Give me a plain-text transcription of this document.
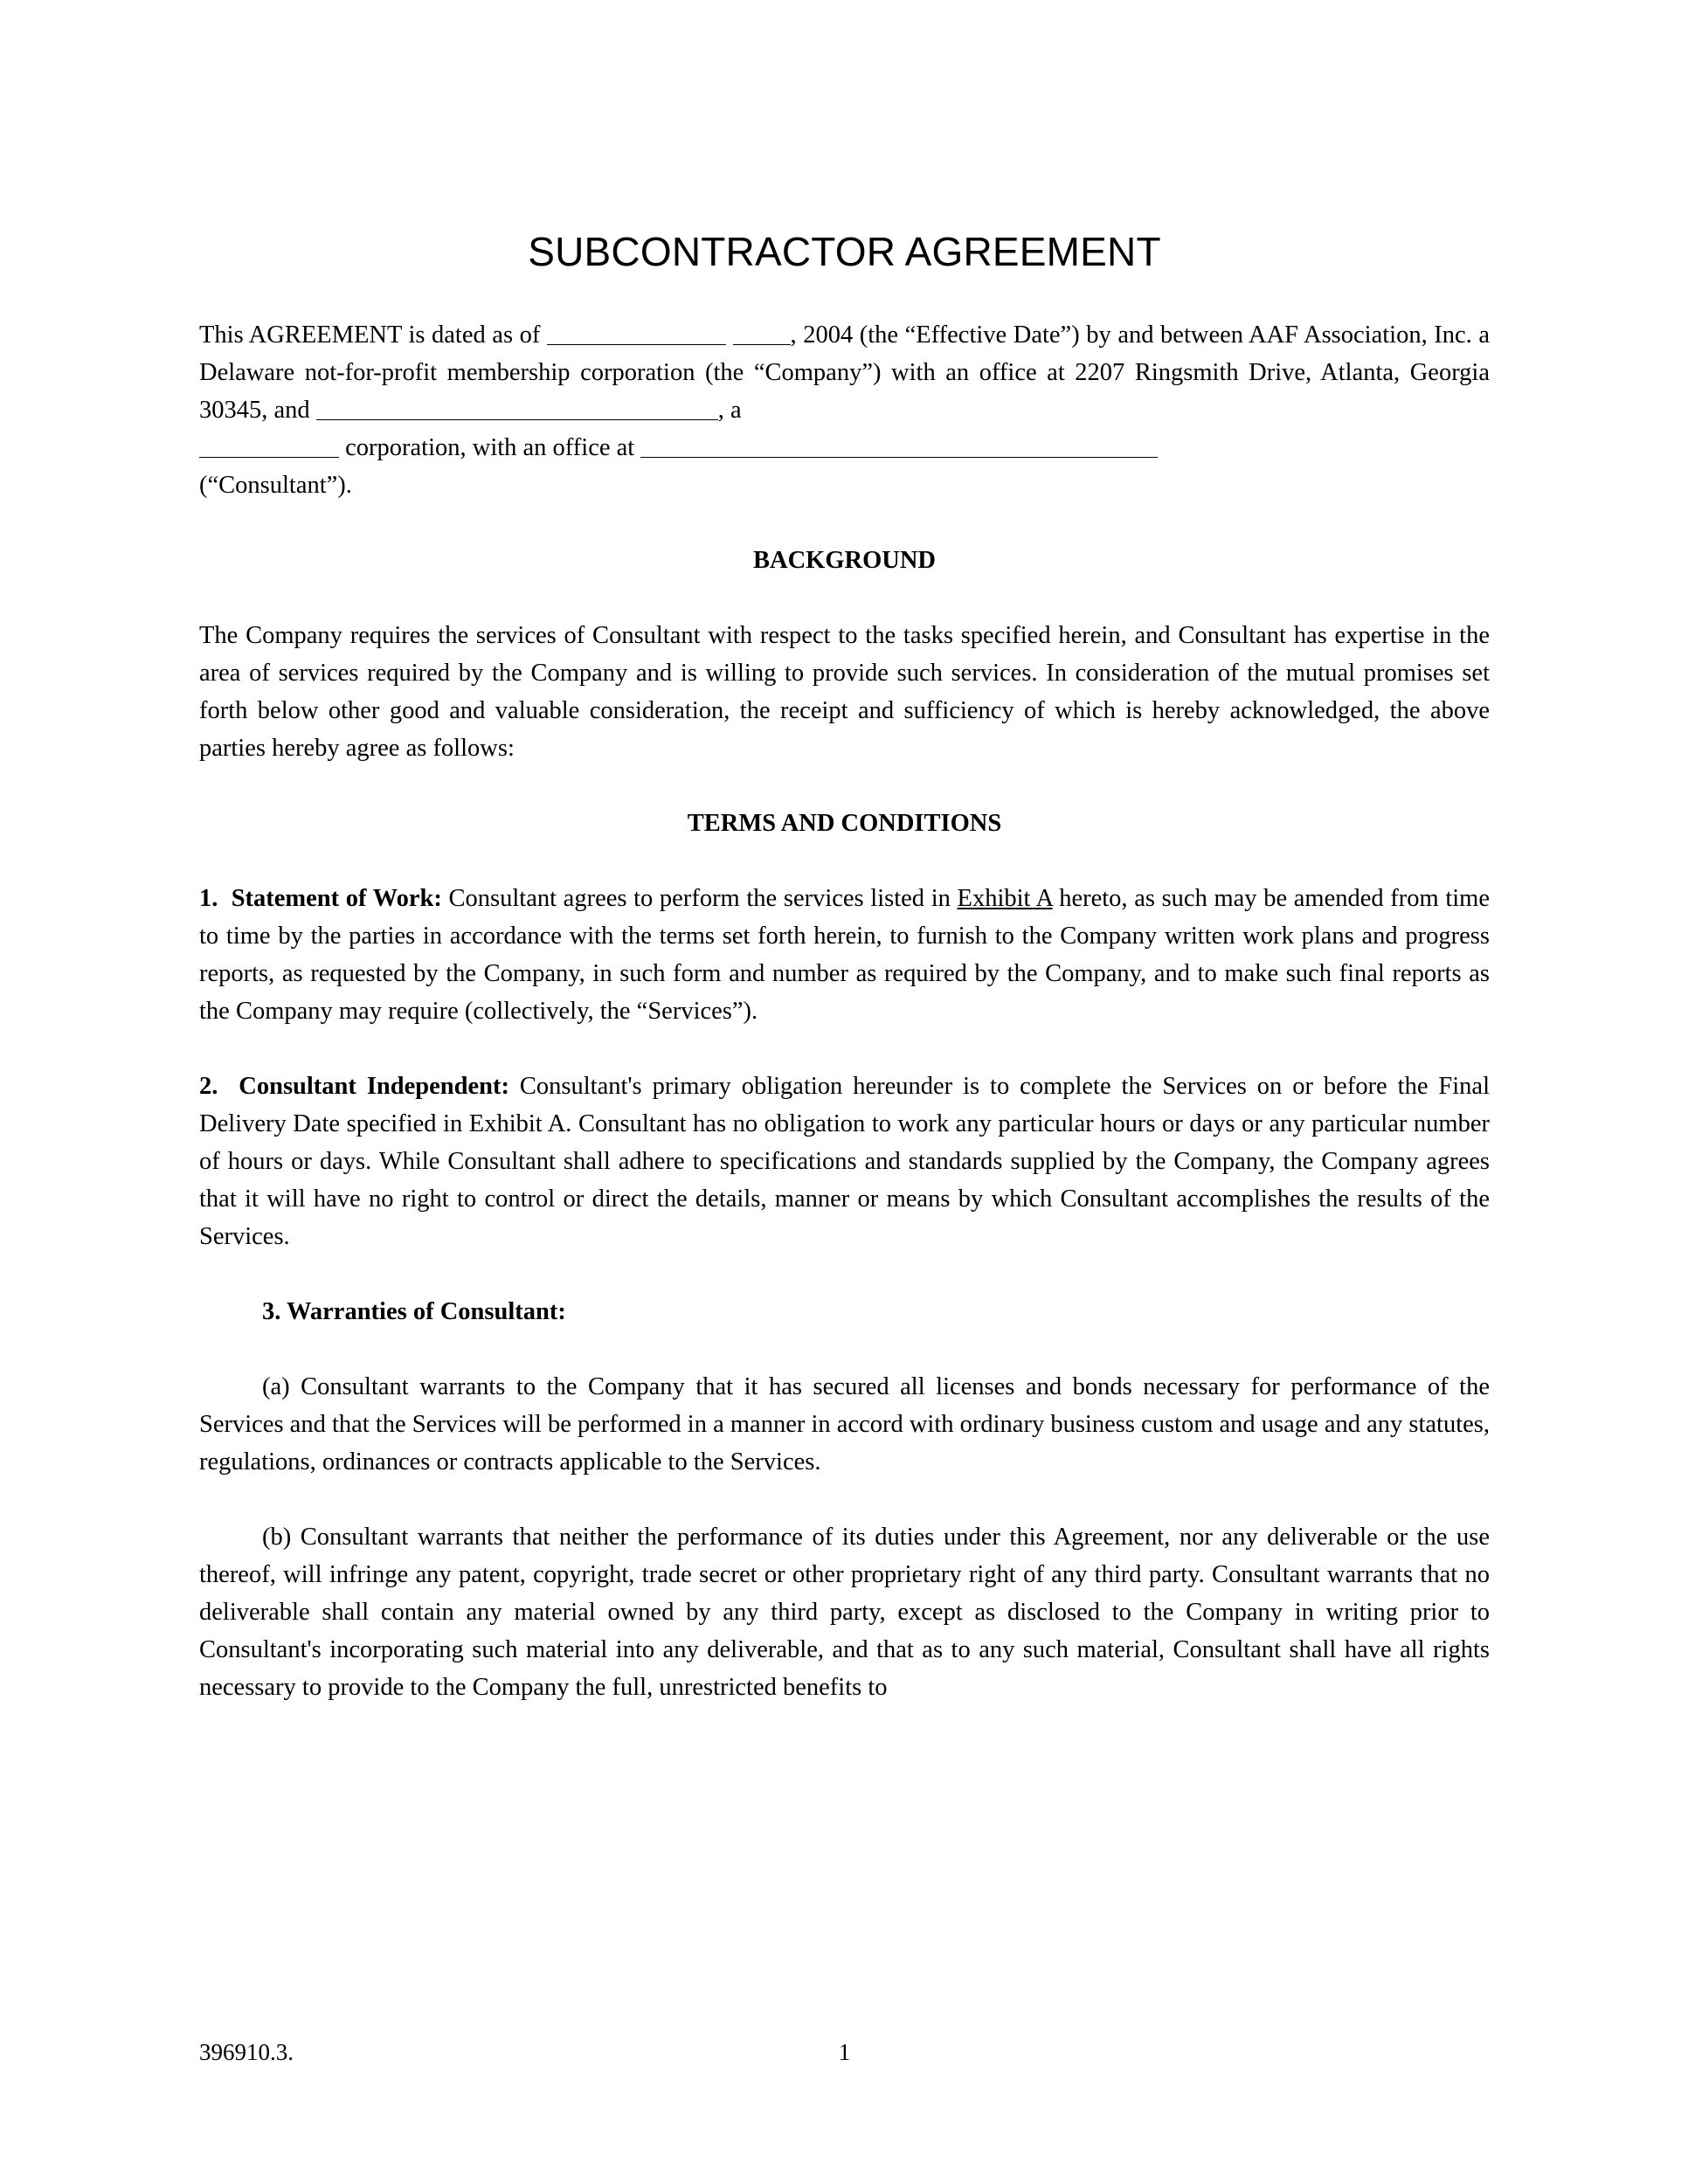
SUBCONTRACTOR AGREEMENT

This AGREEMENT is dated as of	, 2004 (the “Effective Date”) by and between AAF Association, Inc. a Delaware not-for-profit membership corporation (the “Company”) with an office at 2207 Ringsmith Drive, Atlanta, Georgia 30345, and	, a
corporation, with an office at
(“Consultant”).

BACKGROUND

The Company requires the services of Consultant with respect to the tasks specified herein, and Consultant has expertise in the area of services required by the Company and is willing to provide such services. In consideration of the mutual promises set forth below other good and valuable consideration, the receipt and sufficiency of which is hereby acknowledged, the above parties hereby agree as follows:

TERMS AND CONDITIONS

1. Statement of Work: Consultant agrees to perform the services listed in Exhibit A hereto, as such may be amended from time to time by the parties in accordance with the terms set forth herein, to furnish to the Company written work plans and progress reports, as requested by the Company, in such form and number as required by the Company, and to make such final reports as the Company may require (collectively, the “Services”).

2. Consultant Independent: Consultant's primary obligation hereunder is to complete the Services on or before the Final Delivery Date specified in Exhibit A. Consultant has no obligation to work any particular hours or days or any particular number of hours or days. While Consultant shall adhere to specifications and standards supplied by the Company, the Company agrees that it will have no right to control or direct the details, manner or means by which Consultant accomplishes the results of the Services.

3. Warranties of Consultant:

(a) Consultant warrants to the Company that it has secured all licenses and bonds necessary for performance of the Services and that the Services will be performed in a manner in accord with ordinary business custom and usage and any statutes, regulations, ordinances or contracts applicable to the Services.

(b) Consultant warrants that neither the performance of its duties under this Agreement, nor any deliverable or the use thereof, will infringe any patent, copyright, trade secret or other proprietary right of any third party. Consultant warrants that no deliverable shall contain any material owned by any third party, except as disclosed to the Company in writing prior to Consultant's incorporating such material into any deliverable, and that as to any such material, Consultant shall have all rights necessary to provide to the Company the full, unrestricted benefits to

396910.3.	1
